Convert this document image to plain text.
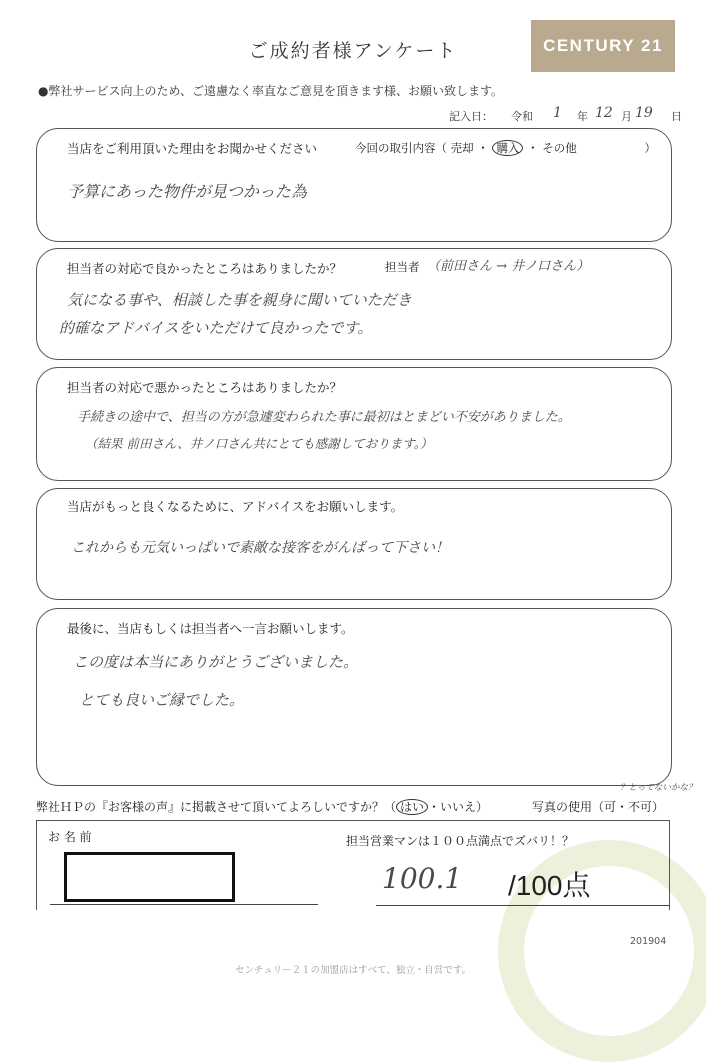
ご成約者様アンケート	CENTURY 21
●弊社サービス向上のため、ご遠慮なく率直なご意見を頂きます様、お願い致します。
記入日： 令和 1 年 12 月 19 日
当店をご利用頂いた理由をお聞かせください	今回の取引内容（ 売却 ・ 購入 ・ その他	）
予算にあった物件が見つかった為
担当者の対応で良かったところはありましたか？	担当者 （前田さん → 井ノ口さん）
気になる事や、相談した事を親身に聞いていただき
的確なアドバイスをいただけて良かったです。
担当者の対応で悪かったところはありましたか？
手続きの途中で、担当の方が急遽変わられた事に最初はとまどい不安がありました。
（結果 前田さん、井ノ口さん共にとても感謝しております。）
当店がもっと良くなるために、アドバイスをお願いします。
これからも元気いっぱいで素敵な接客をがんばって下さい！
最後に、当店もしくは担当者へ一言お願いします。
この度は本当にありがとうございました。
とても良いご縁でした。
弊社ＨＰの『お客様の声』に掲載させて頂いてよろしいですか？（ はい ・いいえ）	写真の使用（可・不可）
？とってないかな？
お 名 前	担当営業マンは１００点満点でズバリ！？
100.1 /100点
201904
センチュリー２１の加盟店はすべて、独立・自営です。
